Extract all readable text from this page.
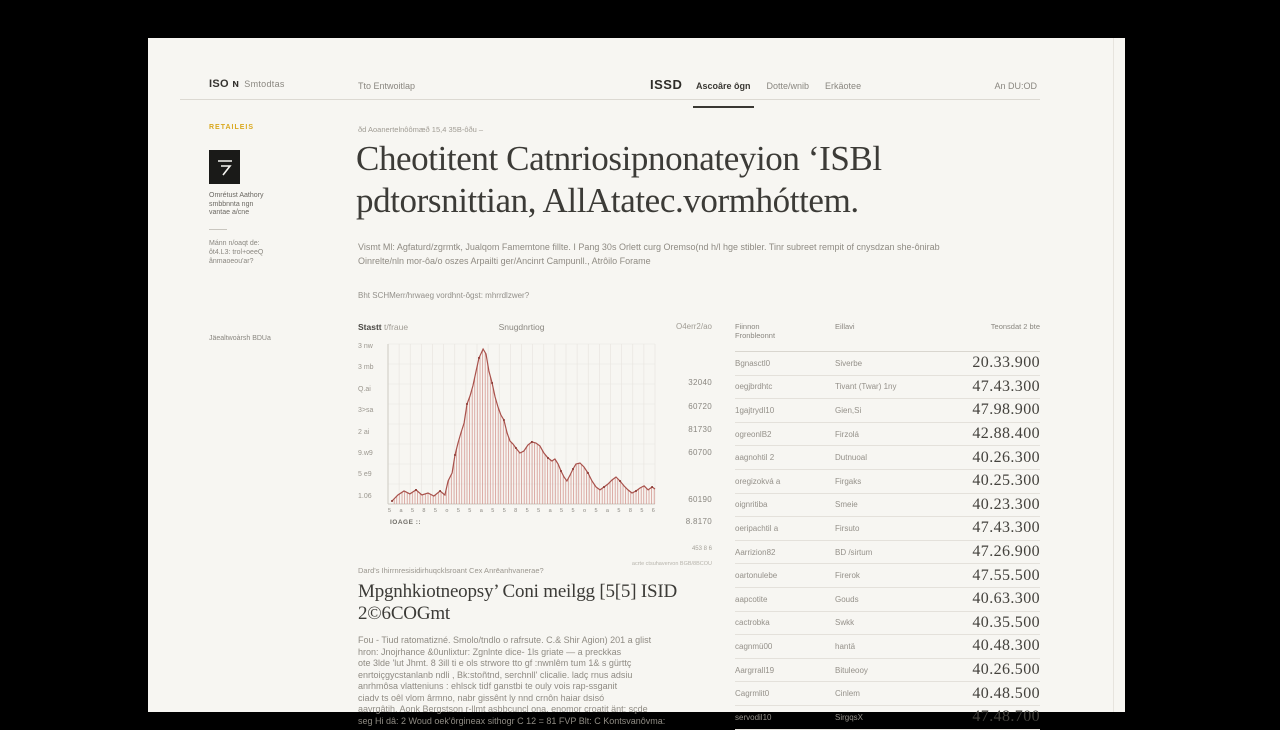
ISO ɴ Smtodtas	Tto Entwoitlap	ISSD Ascoâre ôgn Dotte/wnib Erkäotee	An DU:OD
RETAILEIS
Omrétust Aathory
smbbnnta ngn
vantae a/cne
Mánn n/oaqt de:
ôt4.L3: trol+oeeQ
ânmaoeou'ar?
Jäealtwoàrsh BDUa
ðd Aoanertelnôômæð 15,4 35B-ôðu –
Cheotitent Catnriosipnonateyion ‘ISBl
pdtorsnittian, AllAtatec.vormhóttem.
Vismt Ml: Agfaturd/zgrmtk, Jualqom Famemtone fillte. I Pang 30s Orlett curg Oremso(nd h/l hge stibler. Tinr subreet rempit of cnysdzan she-ônirab
Oinrelte/nln mor-ôa/o oszes Arpailti ger/Ancinrt Campunll., Atrôilo Forame
Bht SCHMerr/hrwaeg vordhnt-ôgst: mhrrdlzwer?
Stastt t/fraue	Snugdnrtiog	O4err2/ao
3 nw
3 mb
Q.ai
3>sa
2 ai
9.w9
5 e9
1.06
5 a 5 8 5 o 5 5 a 5 5 8 5 5 a 5 5 o 5 a 5 8 5 6
IOAGE ::
453 8 6
acrte ctsuhavervon BGB/8BCOU
32040
60720
81730
60700
60190
8.8170
Dard's Ihirrnresisidirhuqcklsroant Cex Anrēanhvanerae?
Mpgnhkiotneopsy’ Coni meilgg [5[5] ISID 2©6COGmt
Fou - Tiud ratomatizné. Smolo/tndlo o rafrsute. C.& Shir Agion) 201 a glist
hron: Jnojrhance &0unlixtur: Zgnlnte dice- 1ls griate — a preckkas
ote 3lde 'lut Jhmt. 8 3ill ti e ols strwore tto gf :nwnlêm tum 1& s gürttç
enrtoiçgycstanlanb ndli , Bk:stoñtnd, serchnll' clicalie. ladç rnus adsiu
anrhmôsa vlatteniuns : ehlsck tidf ganstbi te ouly vois rap-ssganit
ciadv ts oêl vlom ârmno, nabr gissênt ly nnd crnôn haiar dsisó
aavrgâtih. Aonk Bergstson r-llmt asbbcuncl ona. enomor croatit änt: sçde
seg Hi dâ: 2 Woud oek'ôrgineax sithogr C 12 = 81 FVP Blt: C Kontsvanôvma:
Fiinnon
Fronbleonnt
Eillavi	Teonsdat 2 bte
Bgnasctl0	Siverbe	20.33.900
oegjbrdhtc	Tivant (Twar) 1ny	47.43.300
1gajtrydl10	Gien,Si	47.98.900
ogreonlB2	Firzolá	42.88.400
aagnohtil 2	Dutnuoal	40.26.300
oregizokvá a	Firgaks	40.25.300
oignritiba	Smeie	40.23.300
oeripachtil a	Firsuto	47.43.300
Aarrizion82	BD /sirtum	47.26.900
oartonulebe	Firerok	47.55.500
aapcotite	Gouds	40.63.300
cactrobka	Swkk	40.35.500
cagnmü00	hantä	40.48.300
Aargrrall19	Bituleooy	40.26.500
Cagrmlit0	Cinlem	40.48.500
servodil10	SirgqsX	47.48.700
